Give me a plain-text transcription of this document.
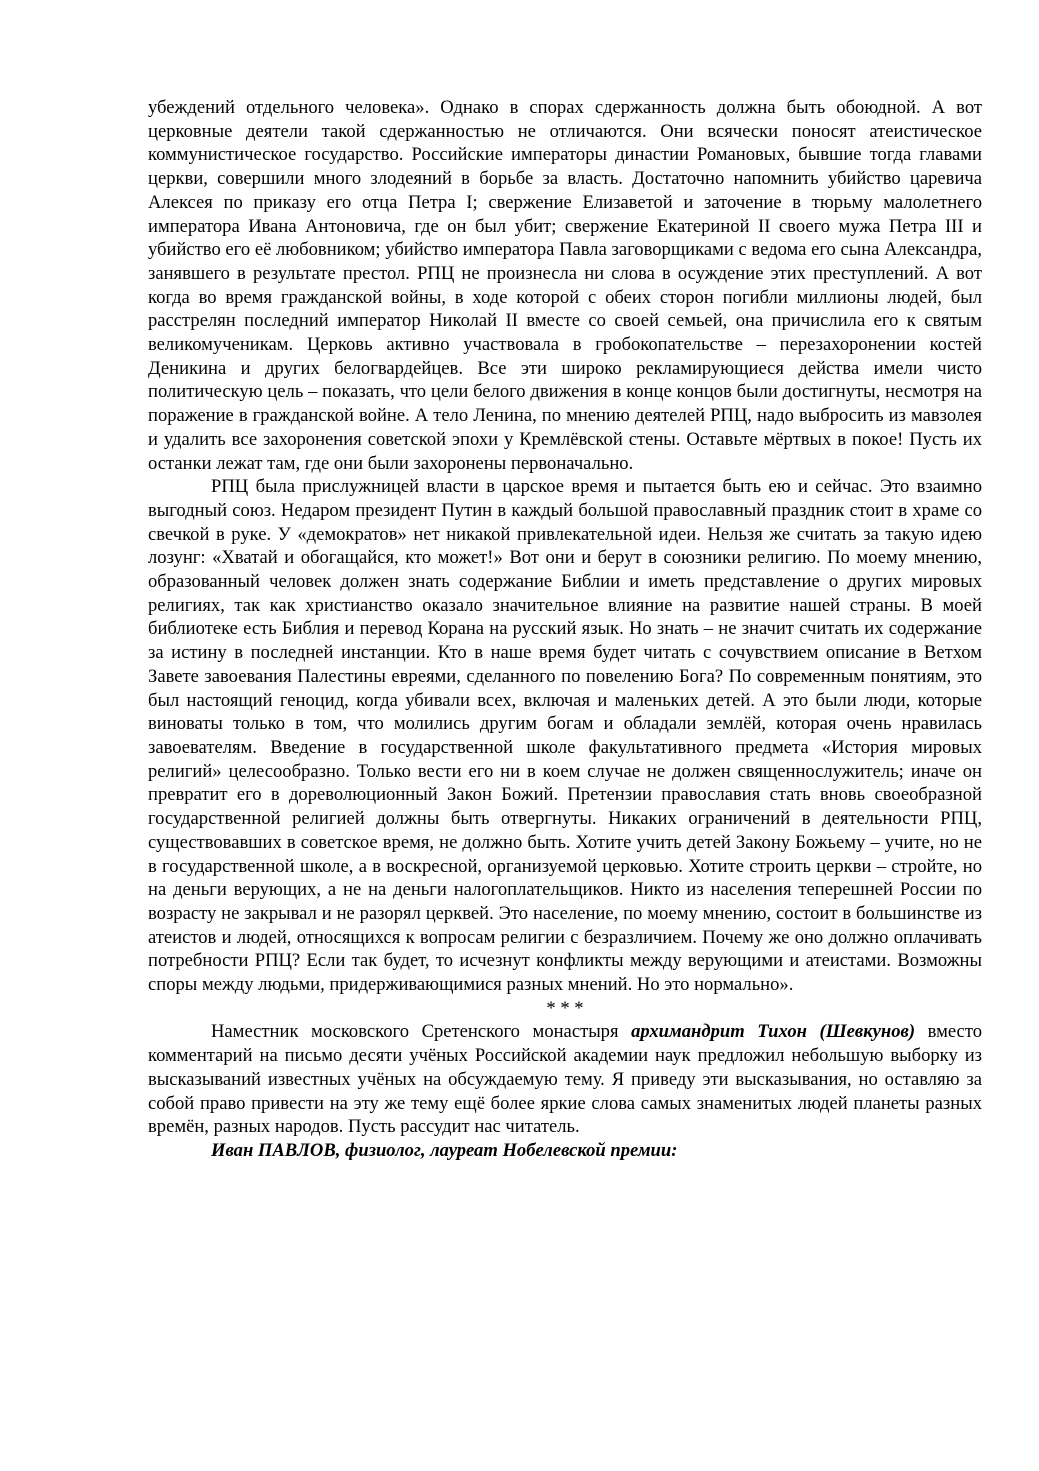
убеждений отдельного человека». Однако в спорах сдержанность должна быть обоюдной. А вот церковные деятели такой сдержанностью не отличаются. Они всячески поносят атеистическое коммунистическое государство. Российские императоры династии Романовых, бывшие тогда главами церкви, совершили много злодеяний в борьбе за власть. Достаточно напомнить убийство царевича Алексея по приказу его отца Петра I; свержение Елизаветой и заточение в тюрьму малолетнего императора Ивана Антоновича, где он был убит; свержение Екатериной II своего мужа Петра III и убийство его её любовником; убийство императора Павла заговорщиками с ведома его сына Александра, занявшего в результате престол. РПЦ не произнесла ни слова в осуждение этих преступлений. А вот когда во время гражданской войны, в ходе которой с обеих сторон погибли миллионы людей, был расстрелян последний император Николай II вместе со своей семьей, она причислила его к святым великомученикам. Церковь активно участвовала в гробокопательстве – перезахоронении костей Деникина и других белогвардейцев. Все эти широко рекламирующиеся действа имели чисто политическую цель – показать, что цели белого движения в конце концов были достигнуты, несмотря на поражение в гражданской войне. А тело Ленина, по мнению деятелей РПЦ, надо выбросить из мавзолея и удалить все захоронения советской эпохи у Кремлёвской стены. Оставьте мёртвых в покое! Пусть их останки лежат там, где они были захоронены первоначально.

РПЦ была прислужницей власти в царское время и пытается быть ею и сейчас. Это взаимно выгодный союз. Недаром президент Путин в каждый большой православный праздник стоит в храме со свечкой в руке. У «демократов» нет никакой привлекательной идеи. Нельзя же считать за такую идею лозунг: «Хватай и обогащайся, кто может!» Вот они и берут в союзники религию. По моему мнению, образованный человек должен знать содержание Библии и иметь представление о других мировых религиях, так как христианство оказало значительное влияние на развитие нашей страны. В моей библиотеке есть Библия и перевод Корана на русский язык. Но знать – не значит считать их содержание за истину в последней инстанции. Кто в наше время будет читать с сочувствием описание в Ветхом Завете завоевания Палестины евреями, сделанного по повелению Бога? По современным понятиям, это был настоящий геноцид, когда убивали всех, включая и маленьких детей. А это были люди, которые виноваты только в том, что молились другим богам и обладали землёй, которая очень нравилась завоевателям. Введение в государственной школе факультативного предмета «История мировых религий» целесообразно. Только вести его ни в коем случае не должен священнослужитель; иначе он превратит его в дореволюционный Закон Божий. Претензии православия стать вновь своеобразной государственной религией должны быть отвергнуты. Никаких ограничений в деятельности РПЦ, существовавших в советское время, не должно быть. Хотите учить детей Закону Божьему – учите, но не в государственной школе, а в воскресной, организуемой церковью. Хотите строить церкви – стройте, но на деньги верующих, а не на деньги налогоплательщиков. Никто из населения теперешней России по возрасту не закрывал и не разорял церквей. Это население, по моему мнению, состоит в большинстве из атеистов и людей, относящихся к вопросам религии с безразличием. Почему же оно должно оплачивать потребности РПЦ? Если так будет, то исчезнут конфликты между верующими и атеистами. Возможны споры между людьми, придерживающимися разных мнений. Но это нормально».

* * *

Наместник московского Сретенского монастыря архимандрит Тихон (Шевкунов) вместо комментарий на письмо десяти учёных Российской академии наук предложил небольшую выборку из высказываний известных учёных на обсуждаемую тему. Я приведу эти высказывания, но оставляю за собой право привести на эту же тему ещё более яркие слова самых знаменитых людей планеты разных времён, разных народов. Пусть рассудит нас читатель.

Иван ПАВЛОВ, физиолог, лауреат Нобелевской премии:
